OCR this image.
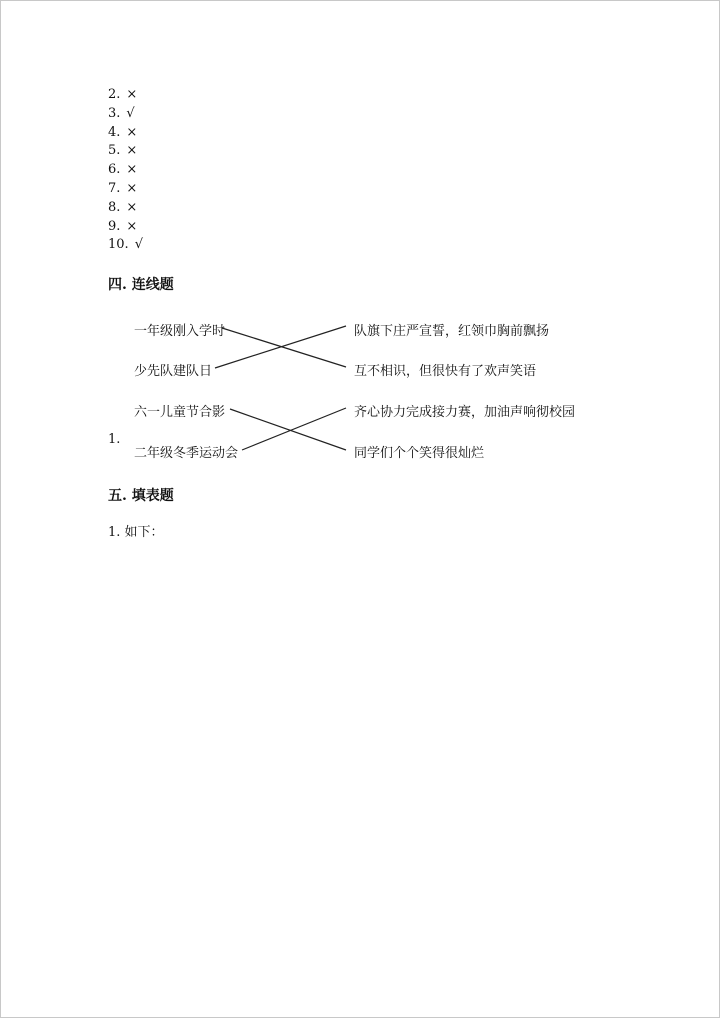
2. ×
3. √
4. ×
5. ×
6. ×
7. ×
8. ×
9. ×
10. √
四. 连线题
一年级刚入学时
少先队建队日
六一儿童节合影
二年级冬季运动会
队旗下庄严宣誓，红领巾胸前飘扬
互不相识，但很快有了欢声笑语
齐心协力完成接力赛，加油声响彻校园
同学们个个笑得很灿烂
1.
五. 填表题
1. 如下：
